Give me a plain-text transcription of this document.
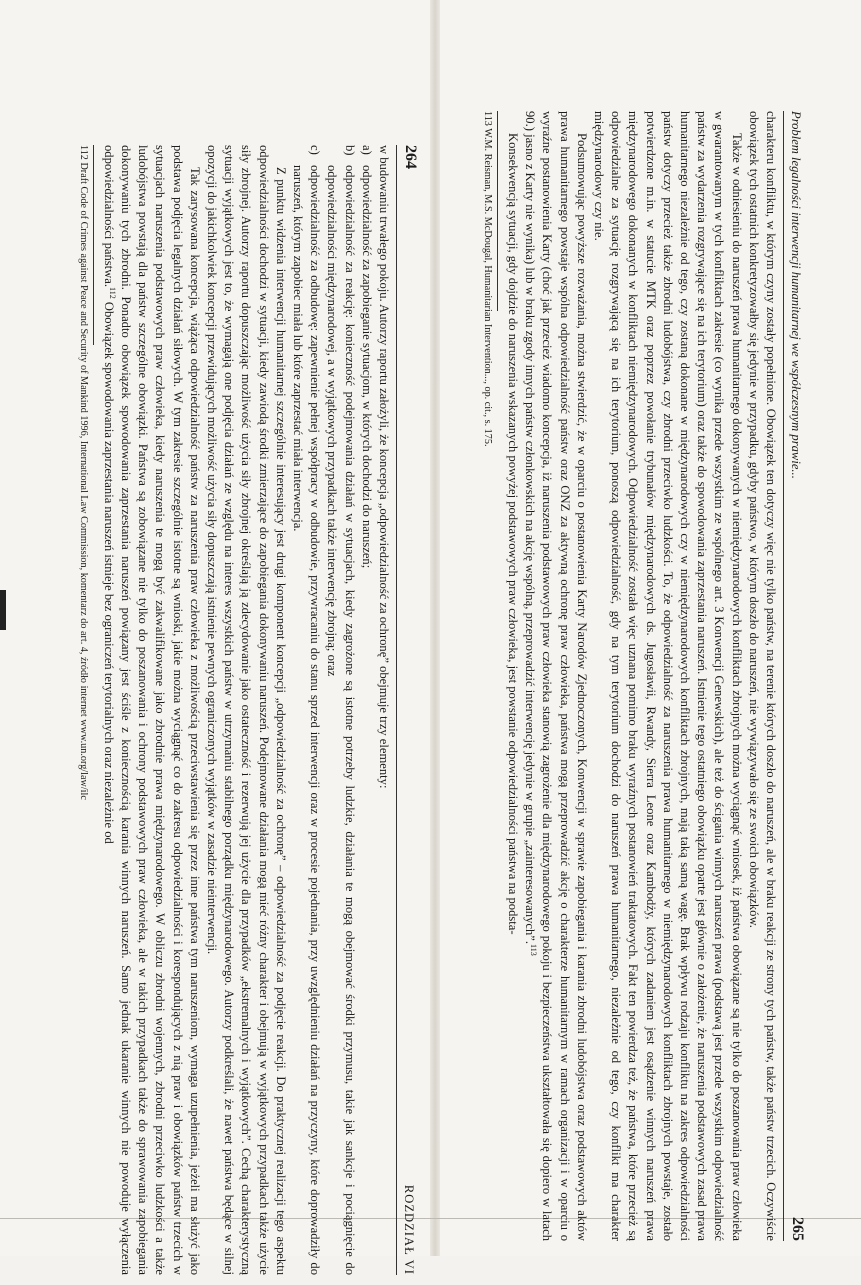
264
ROZDZIAŁ VI

w budowaniu trwałego pokoju. Autorzy raportu założyli, że koncepcja „odpowiedzialność za ochronę” obejmuje trzy elementy:

a)
odpowiedzialność za zapobieganie sytuacjom, w których dochodzi do naruszeń;
b)
odpowiedzialność za reakcję: konieczność podejmowania działań w sytuacjach, kiedy zagrożone są istotne potrzeby ludzkie, działania te mogą obejmować środki przymusu, takie jak sankcje i pociągnięcie do odpowiedzialności międzynarodowej, a w wyjątkowych przypadkach także interwencję zbrojną; oraz
c)
odpowiedzialność za odbudowę: zapewnienie pełnej współpracy w odbudowie, przywracaniu do stanu sprzed interwencji oraz w procesie pojednania, przy uwzględnieniu działań na przyczyny, które doprowadziły do naruszeń, którym zapobiec miała lub które zaprzestać miała interwencja.

Z punktu widzenia interwencji humanitarnej szczególnie interesujący jest drugi komponent koncepcji „odpowiedzialność za ochronę” – odpowiedzialność za podjęcie reakcji. Do praktycznej realizacji tego aspektu odpowiedzialności dochodzi w sytuacji, kiedy zawiodą środki zmierzające do zapobiegania dokonywaniu naruszeń. Podejmowane działania mogą mieć różny charakter i obejmują w wyjątkowych przypadkach także użycie siły zbrojnej. Autorzy raportu dopuszczając możliwość użycia siły zbrojnej określają ją zdecydowanie jako ostateczność i rezerwują jej użycie dla przypadków „ekstremalnych i wyjątkowych”. Cechą charakterystyczną sytuacji wyjątkowych jest to, że wymagają one podjęcia działań ze względu na interes wszystkich państw w utrzymaniu stabilnego porządku międzynarodowego. Autorzy podkreślali, że nawet państwa będące w silnej opozycji do jakichkolwiek koncepcji przewidujących możliwość użycia siły dopuszczają istnienie pewnych ograniczonych wyjątków w zasadzie nieinterwencji.

Tak zarysowana koncepcja, wiążąca odpowiedzialność państw za naruszenia praw człowieka z możliwością przeciwstawienia się przez inne państwa tym naruszeniom, wymaga uzupełnienia, jeżeli ma służyć jako podstawa podjęcia legalnych działań siłowych. W tym zakresie szczególnie istotne są wnioski, jakie można wyciągnąć co do zakresu odpowiedzialności i korespondujących z nią praw i obowiązków państw trzecich w sytuacjach naruszenia podstawowych praw człowieka, kiedy naruszenia te mogą być zakwalifikowane jako zbrodnie prawa międzynarodowego. W obliczu zbrodni wojennych, zbrodni przeciwko ludzkości a także ludobójstwa powstają dla państw szczególne obowiązki. Państwa są zobowiązane nie tylko do poszanowania i ochrony podstawowych praw człowieka, ale w takich przypadkach także do sprawowania zapobiegania dokonywaniu tych zbrodni. Ponadto obowiązek spowodowania zaprzestania naruszeń powiązany jest ściśle z koniecznością karania winnych naruszeń. Samo jednak ukaranie winnych nie powoduje wyłączenia odpowiedzialności państwa.$^{112}$ Obowiązek spowodowania zaprzestania naruszeń istnieje bez ograniczeń terytorialnych oraz niezależnie od

112 Draft Code of Crimes against Peace and Security of Mankind 1996, International Law Commission, komentarz do art. 4, źródło internet www.un.org/law/ilc	Problem legalności interwencji humanitarnej we współczesnym prawie...
265

charakteru konfliktu, w którym czyny zostały popełnione. Obowiązek ten dotyczy więc nie tylko państw, na terenie których doszło do naruszeń, ale w braku reakcji ze strony tych państw, także państw trzecich. Oczywiście obowiązek tych ostatnich konkretyzowałby się jedynie w przypadku, gdyby państwo, w którym doszło do naruszeń, nie wywiązywało się ze swoich obowiązków.

Także w odniesieniu do naruszeń prawa humanitarnego dokonywanych w niemiędzynarodowych konfliktach zbrojnych można wyciągnąć wniosek, iż państwa obowiązane są nie tylko do poszanowania praw człowieka w gwarantowanym w tych konfliktach zakresie (co wynika przede wszystkim ze wspólnego art. 3 Konwencji Genewskich), ale też do ścigania winnych naruszeń prawa (podstawą jest przede wszystkim odpowiedzialność państw za wydarzenia rozgrywające się na ich terytorium) oraz także do spowodowania zaprzestania naruszeń. Istnienie tego ostatniego obowiązku oparte jest głównie o założenie, że naruszenia podstawowych zasad prawa humanitarnego niezależnie od tego, czy zostaną dokonane w międzynarodowych czy w niemiędzynarodowych konfliktach zbrojnych, mają taką samą wagę. Brak wpływu rodzaju konfliktu na zakres odpowiedzialności państw dotyczy przecież także zbrodni ludobójstwa, czy zbrodni przeciwko ludzkości. To, że odpowiedzialność za naruszenia prawa humanitarnego w niemiędzynarodowych konfliktach zbrojnych powstaje, zostało potwierdzone m.in. w statucie MTK oraz poprzez powołanie trybunałów międzynarodowych ds. Jugosławii, Rwandy, Sierra Leone oraz Kambodży, których zadaniem jest osądzenie winnych naruszeń prawa międzynarodowego dokonanych w konfliktach niemiędzynarodowych. Odpowiedzialność została więc uznana pomimo braku wyraźnych postanowień traktatowych. Fakt ten powierdza też, że państwa, które przecież są odpowiedzialne za sytuację rozgrywającą się na ich terytorium, ponoszą odpowiedzialność, gdy na tym terytorium dochodzi do naruszeń prawa humanitarnego, niezależnie od tego, czy konflikt ma charakter międzynarodowy czy nie.

Podsumowując powyższe rozważania, można stwierdzić, że w oparciu o postanowienia Karty Narodów Zjednoczonych, Konwencji w sprawie zapobiegania i karania zbrodni ludobójstwa oraz podstawowych aktów prawa humanitarnego powstaje wspólna odpowiedzialność państw oraz ONZ za aktywną ochronę praw człowieka, państwa mogą przeprowadzić akcję o charakterze humanitarnym w ramach organizacji i w oparciu o wyraźne postanowienia Karty (choć jak przecież wiadomo koncepcja, iż naruszenia podstawowych praw człowieka stanowią zagrożenie dla międzynarodowego pokoju i bezpieczeństwa ukształtowała się dopiero w latach 90.) jasno z Karty nie wynika) lub w braku zgody innych państw członkowskich na akcję wspólną, przeprowadzić interwencję jedynie w grupie „zainteresowanych”.$^{113}$

Konsekwencją sytuacji, gdy dojdzie do naruszenia wskazanych powyżej podstawowych praw człowieka, jest powstanie odpowiedzialności państwa na podsta-

113 W.M. Reisman, M.S. McDougal, Humanitarian Intervention..., op. cit., s. 175.
